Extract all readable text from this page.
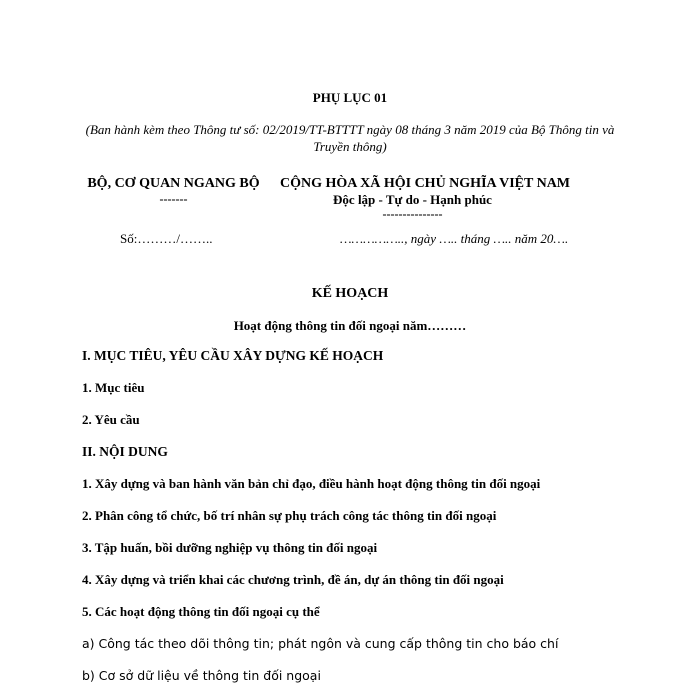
PHỤ LỤC 01
(Ban hành kèm theo Thông tư số: 02/2019/TT-BTTTT ngày 08 tháng 3 năm 2019 của Bộ Thông tin và Truyền thông)
BỘ, CƠ QUAN NGANG BỘ
-------
CỘNG HÒA XÃ HỘI CHỦ NGHĨA VIỆT NAM
Độc lập - Tự do - Hạnh phúc
---------------
Số:………/……..	…………….., ngày ….. tháng ….. năm 20….
KẾ HOẠCH
Hoạt động thông tin đối ngoại năm………
I. MỤC TIÊU, YÊU CẦU XÂY DỰNG KẾ HOẠCH
1. Mục tiêu
2. Yêu cầu
II. NỘI DUNG
1. Xây dựng và ban hành văn bản chỉ đạo, điều hành hoạt động thông tin đối ngoại
2. Phân công tổ chức, bố trí nhân sự phụ trách công tác thông tin đối ngoại
3. Tập huấn, bồi dưỡng nghiệp vụ thông tin đối ngoại
4. Xây dựng và triển khai các chương trình, đề án, dự án thông tin đối ngoại
5. Các hoạt động thông tin đối ngoại cụ thể
a) Công tác theo dõi thông tin; phát ngôn và cung cấp thông tin cho báo chí
b) Cơ sở dữ liệu về thông tin đối ngoại
